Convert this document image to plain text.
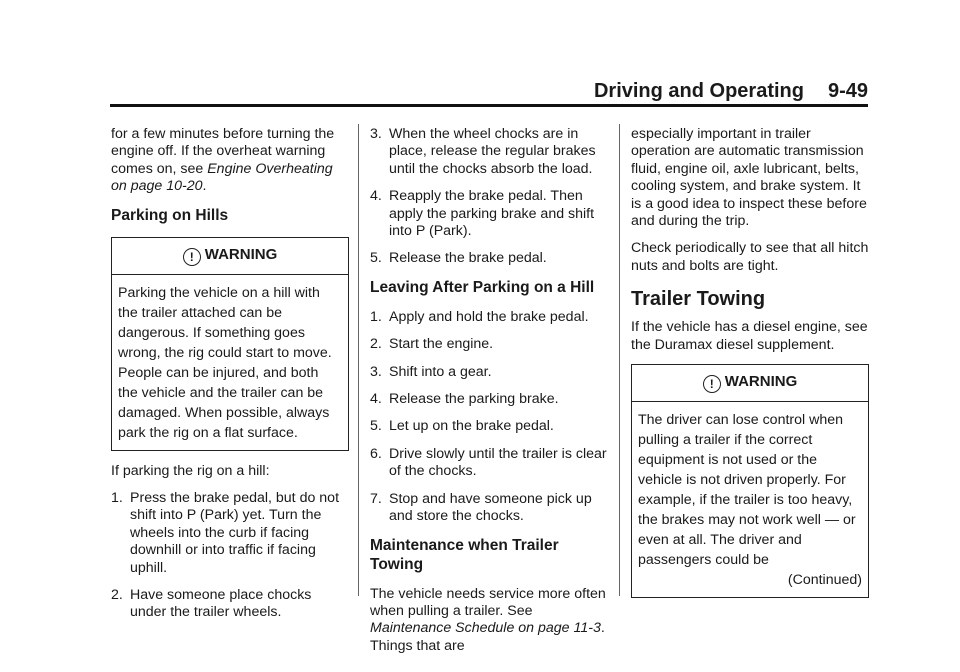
Driving and Operating 9-49

for a few minutes before turning the engine off. If the overheat warning comes on, see Engine Overheating on page 10-20.

Parking on Hills
! WARNING
Parking the vehicle on a hill with the trailer attached can be dangerous. If something goes wrong, the rig could start to move. People can be injured, and both the vehicle and the trailer can be damaged. When possible, always park the rig on a flat surface.

If parking the rig on a hill:

1. Press the brake pedal, but do not shift into P (Park) yet. Turn the wheels into the curb if facing downhill or into traffic if facing uphill.
2. Have someone place chocks under the trailer wheels.
3. When the wheel chocks are in place, release the regular brakes until the chocks absorb the load.
4. Reapply the brake pedal. Then apply the parking brake and shift into P (Park).
5. Release the brake pedal.
Leaving After Parking on a Hill
1. Apply and hold the brake pedal.
2. Start the engine.
3. Shift into a gear.
4. Release the parking brake.
5. Let up on the brake pedal.
6. Drive slowly until the trailer is clear of the chocks.
7. Stop and have someone pick up and store the chocks.
Maintenance when Trailer Towing

The vehicle needs service more often when pulling a trailer. See Maintenance Schedule on page 11-3. Things that are

especially important in trailer operation are automatic transmission fluid, engine oil, axle lubricant, belts, cooling system, and brake system. It is a good idea to inspect these before and during the trip.

Check periodically to see that all hitch nuts and bolts are tight.

Trailer Towing

If the vehicle has a diesel engine, see the Duramax diesel supplement.

! WARNING
The driver can lose control when pulling a trailer if the correct equipment is not used or the vehicle is not driven properly. For example, if the trailer is too heavy, the brakes may not work well — or even at all. The driver and passengers could be
(Continued)
